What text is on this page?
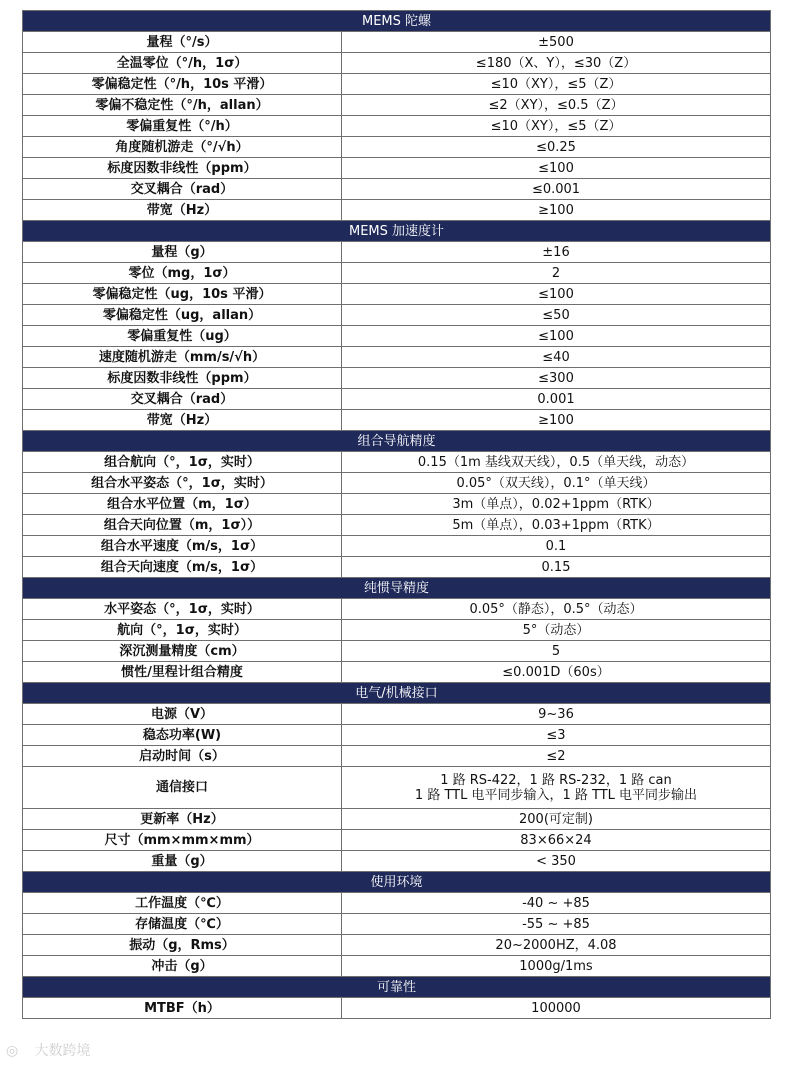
MEMS 陀螺	
量程（°/s）	±500
全温零位（°/h，1σ）	≤180（X、Y），≤30（Z）
零偏稳定性（°/h，10s 平滑）	≤10（XY），≤5（Z）
零偏不稳定性（°/h，allan）	≤2（XY），≤0.5（Z）
零偏重复性（°/h）	≤10（XY），≤5（Z）
角度随机游走（°/√h）	≤0.25
标度因数非线性（ppm）	≤100
交叉耦合（rad）	≤0.001
带宽（Hz）	≥100
MEMS 加速度计	
量程（g）	±16
零位（mg，1σ）	2
零偏稳定性（ug，10s 平滑）	≤100
零偏稳定性（ug，allan）	≤50
零偏重复性（ug）	≤100
速度随机游走（mm/s/√h）	≤40
标度因数非线性（ppm）	≤300
交叉耦合（rad）	0.001
带宽（Hz）	≥100
组合导航精度	
组合航向（°，1σ，实时）	0.15（1m 基线双天线），0.5（单天线，动态）
组合水平姿态（°，1σ，实时）	0.05°（双天线），0.1°（单天线）
组合水平位置（m，1σ）	3m（单点），0.02+1ppm（RTK）
组合天向位置（m，1σ））	5m（单点），0.03+1ppm（RTK）
组合水平速度（m/s，1σ）	0.1
组合天向速度（m/s，1σ）	0.15
纯惯导精度	
水平姿态（°，1σ，实时）	0.05°（静态），0.5°（动态）
航向（°，1σ，实时）	5°（动态）
深沉测量精度（cm）	5
惯性/里程计组合精度	≤0.001D（60s）
电气/机械接口	
电源（V）	9~36
稳态功率(W)	≤3
启动时间（s）	≤2
通信接口	1 路 RS-422，1 路 RS-232，1 路 can
1 路 TTL 电平同步输入，1 路 TTL 电平同步输出

更新率（Hz）	200(可定制)
尺寸（mm×mm×mm）	83×66×24
重量（g）	< 350
使用环境	
工作温度（℃）	-40 ~ +85
存储温度（℃）	-55 ~ +85
振动（g，Rms）	20~2000HZ，4.08
冲击（g）	1000g/1ms
可靠性	
MTBF（h）	100000
◎ 大数跨境
